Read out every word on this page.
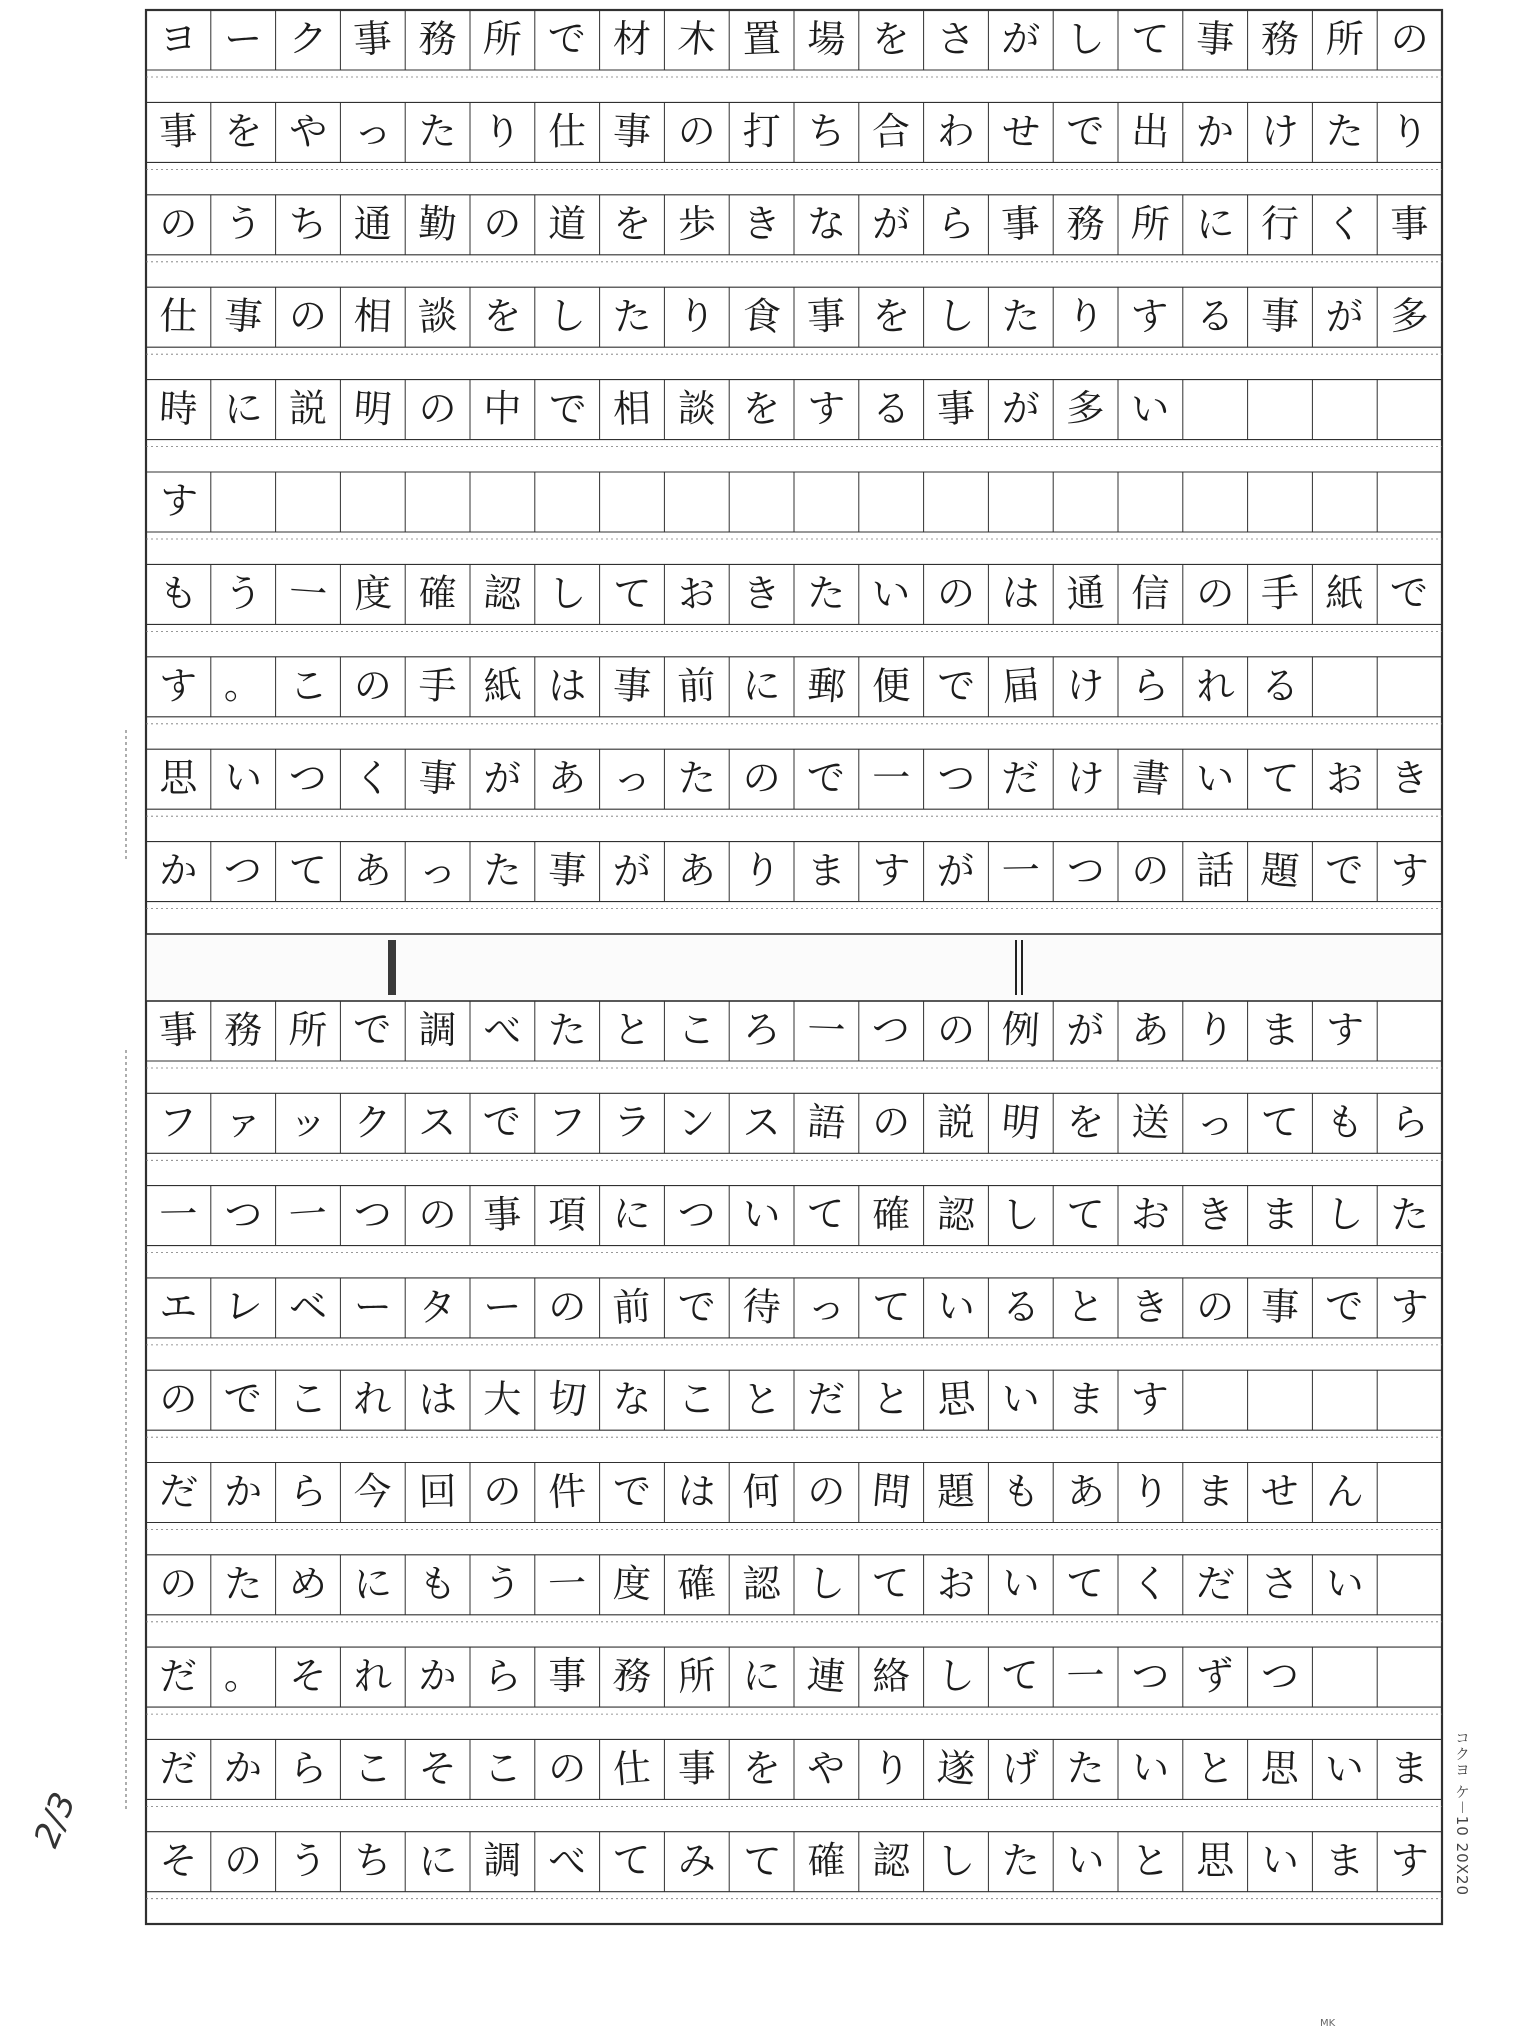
ヨ ー ク 事 務 所 で 材 木 置 場 を さ が し て 事 務 所 の
事 を や っ た り 仕 事 の 打 ち 合 わ せ で 出 か け た り
の う ち 通 勤 の 道 を 歩 き な が ら 事 務 所 に 行 く 事
仕 事 の 相 談 を し た り 食 事 を し た り す る 事 が 多
時 に 説 明 の 中 で 相 談 を す る 事 が 多 い
す
も う 一 度 確 認 し て お き た い の は 通 信 の 手 紙 で
す 。 こ の 手 紙 は 事 前 に 郵 便 で 届 け ら れ る
思 い つ く 事 が あ っ た の で 一 つ だ け 書 い て お き
か つ て あ っ た 事 が あ り ま す が 一 つ の 話 題 で す
事 務 所 で 調 べ た と こ ろ 一 つ の 例 が あ り ま す
フ ァ ッ ク ス で フ ラ ン ス 語 の 説 明 を 送 っ て も ら
一 つ 一 つ の 事 項 に つ い て 確 認 し て お き ま し た
エ レ ベ ー タ ー の 前 で 待 っ て い る と き の 事 で す
の で こ れ は 大 切 な こ と だ と 思 い ま す
だ か ら 今 回 の 件 で は 何 の 問 題 も あ り ま せ ん
の た め に も う 一 度 確 認 し て お い て く だ さ い
だ 。 そ れ か ら 事 務 所 に 連 絡 し て 一 つ ず つ
だ か ら こ そ こ の 仕 事 を や り 遂 げ た い と 思 い ま
そ の う ち に 調 べ て み て 確 認 し た い と 思 い ま す
2/3	コクヨ ケ－10 20X20
MK
